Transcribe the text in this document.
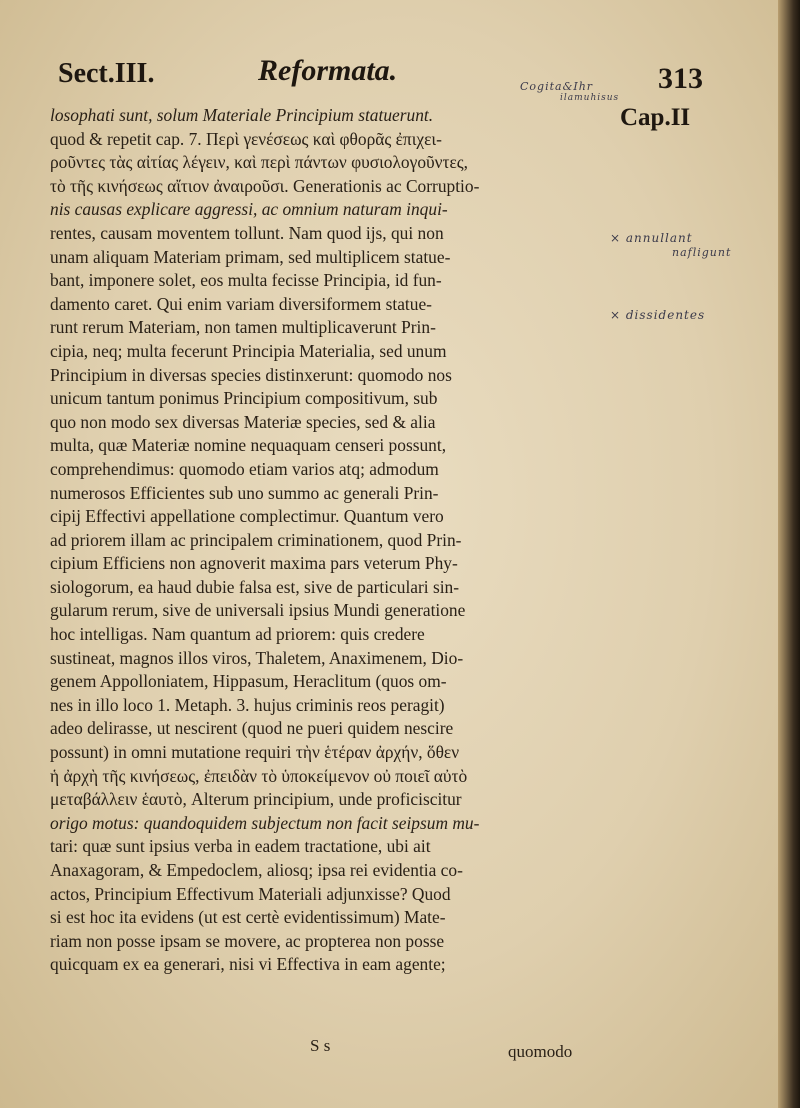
Sect.III.	Reformata.	313
Cogita&Ihr
ilamuhisus
Cap.II
× annullant
nafligunt
× dissidentes
losophati sunt, solum Materiale Principium statuerunt.
quod & repetit cap. 7. Περὶ γενέσεως καὶ φθορᾶς ἐπιχει-
ροῦντες τὰς αἰτίας λέγειν, καὶ περὶ πάντων φυσιολογοῦντες,
τὸ τῆς κινήσεως αἴτιον ἀναιροῦσι. Generationis ac Corruptio-
nis causas explicare aggressi, ac omnium naturam inqui-
rentes, causam moventem tollunt. Nam quod ijs, qui non
unam aliquam Materiam primam, sed multiplicem statue-
bant, imponere solet, eos multa fecisse Principia, id fun-
damento caret. Qui enim variam diversiformem statue-
runt rerum Materiam, non tamen multiplicaverunt Prin-
cipia, neq; multa fecerunt Principia Materialia, sed unum
Principium in diversas species distinxerunt: quomodo nos
unicum tantum ponimus Principium compositivum, sub
quo non modo sex diversas Materiæ species, sed & alia
multa, quæ Materiæ nomine nequaquam censeri possunt,
comprehendimus: quomodo etiam varios atq; admodum
numerosos Efficientes sub uno summo ac generali Prin-
cipij Effectivi appellatione complectimur. Quantum vero
ad priorem illam ac principalem criminationem, quod Prin-
cipium Efficiens non agnoverit maxima pars veterum Phy-
siologorum, ea haud dubie falsa est, sive de particulari sin-
gularum rerum, sive de universali ipsius Mundi generatione
hoc intelligas. Nam quantum ad priorem: quis credere
sustineat, magnos illos viros, Thaletem, Anaximenem, Dio-
genem Appolloniatem, Hippasum, Heraclitum (quos om-
nes in illo loco 1. Metaph. 3. hujus criminis reos peragit)
adeo delirasse, ut nescirent (quod ne pueri quidem nescire
possunt) in omni mutatione requiri τὴν ἑτέραν ἀρχήν, ὅθεν
ἡ ἀρχὴ τῆς κινήσεως, ἐπειδὰν τὸ ὑποκείμενον οὐ ποιεῖ αὐτὸ
μεταβάλλειν ἑαυτὸ, Alterum principium, unde proficiscitur
origo motus: quandoquidem subjectum non facit seipsum mu-
tari: quæ sunt ipsius verba in eadem tractatione, ubi ait
Anaxagoram, & Empedoclem, aliosq; ipsa rei evidentia co-
actos, Principium Effectivum Materiali adjunxisse? Quod
si est hoc ita evidens (ut est certè evidentissimum) Mate-
riam non posse ipsam se movere, ac propterea non posse
quicquam ex ea generari, nisi vi Effectiva in eam agente;
S s	quomodo
